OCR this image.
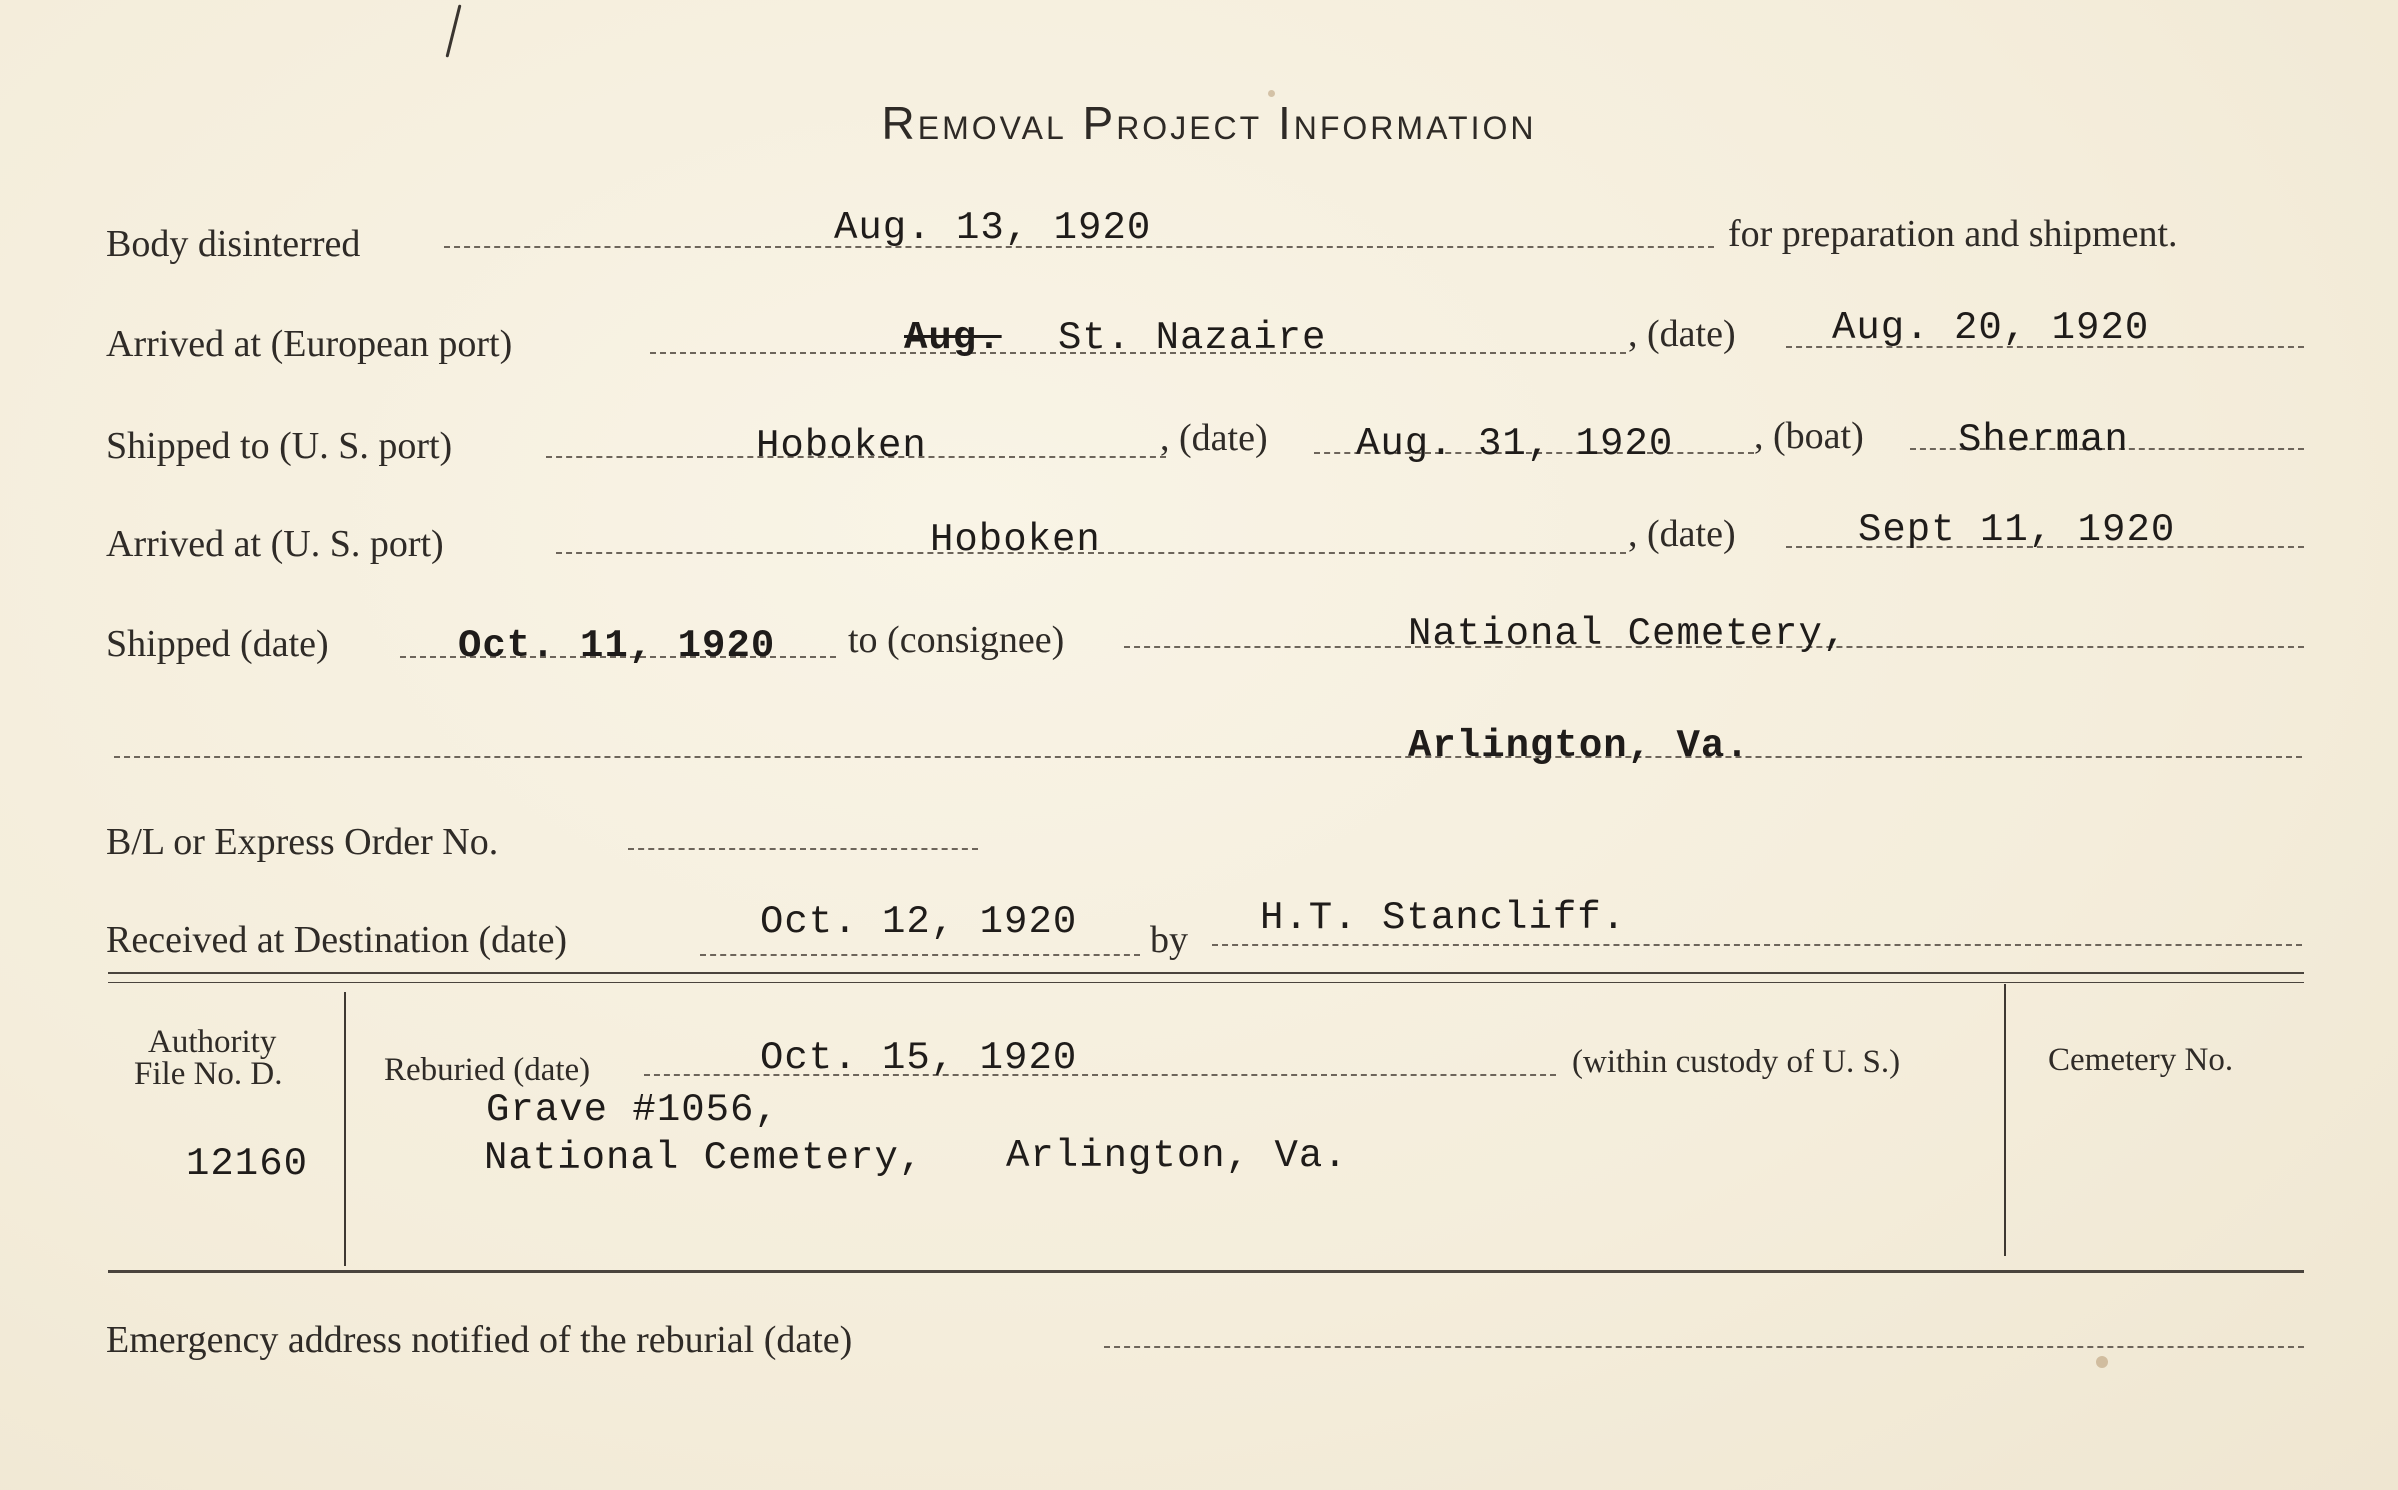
Removal Project Information
Body disinterred	Aug. 13, 1920	for preparation and shipment.
Arrived at (European port)	Aug. St. Nazaire	, (date) Aug. 20, 1920
Shipped to (U. S. port)	Hoboken	, (date) Aug. 31, 1920 , (boat) Sherman
Arrived at (U. S. port)	Hoboken	, (date)	Sept 11, 1920
Shipped (date)	Oct. 11, 1920 to (consignee)	National Cemetery,
Arlington, Va.
B/L or Express Order No.
Received at Destination (date)	Oct. 12, 1920 by H.T. Stancliff.
Authority
File No. D.
12160
Reburied (date)	Oct. 15, 1920	(within custody of U. S.)
Grave #1056,
National Cemetery, Arlington, Va.
Cemetery No.
Emergency address notified of the reburial (date)
